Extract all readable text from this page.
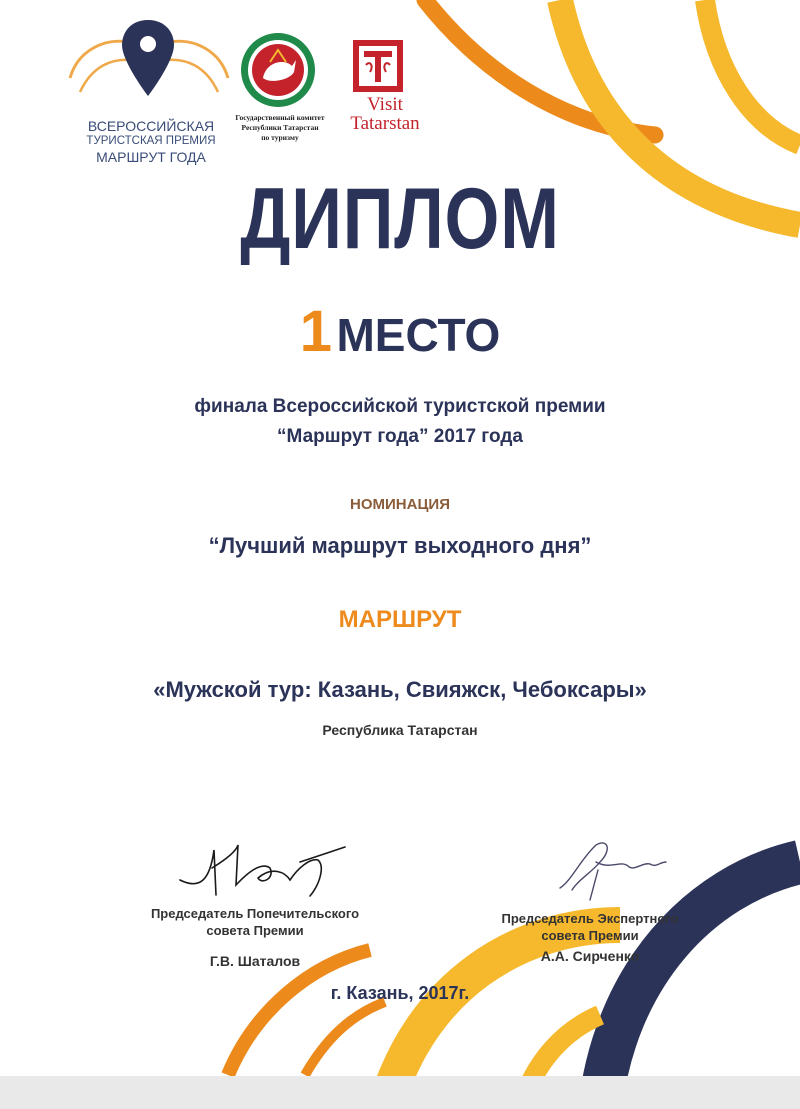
ВСЕРОССИЙСКАЯ
ТУРИСТСКАЯ ПРЕМИЯ
МАРШРУТ ГОДА
Государственный комитет
Республики Татарстан
по туризму
Visit
Tatarstan
ДИПЛОМ
1 МЕСТО
финала Всероссийской туристской премии
“Маршрут года” 2017 года
НОМИНАЦИЯ
“Лучший маршрут выходного дня”
МАРШРУТ
«Мужской тур: Казань, Свияжск, Чебоксары»
Республика Татарстан
Председатель Попечительского
совета Премии
Г.В. Шаталов
Председатель Экспертного
совета Премии
А.А. Сирченко
г. Казань, 2017г.
